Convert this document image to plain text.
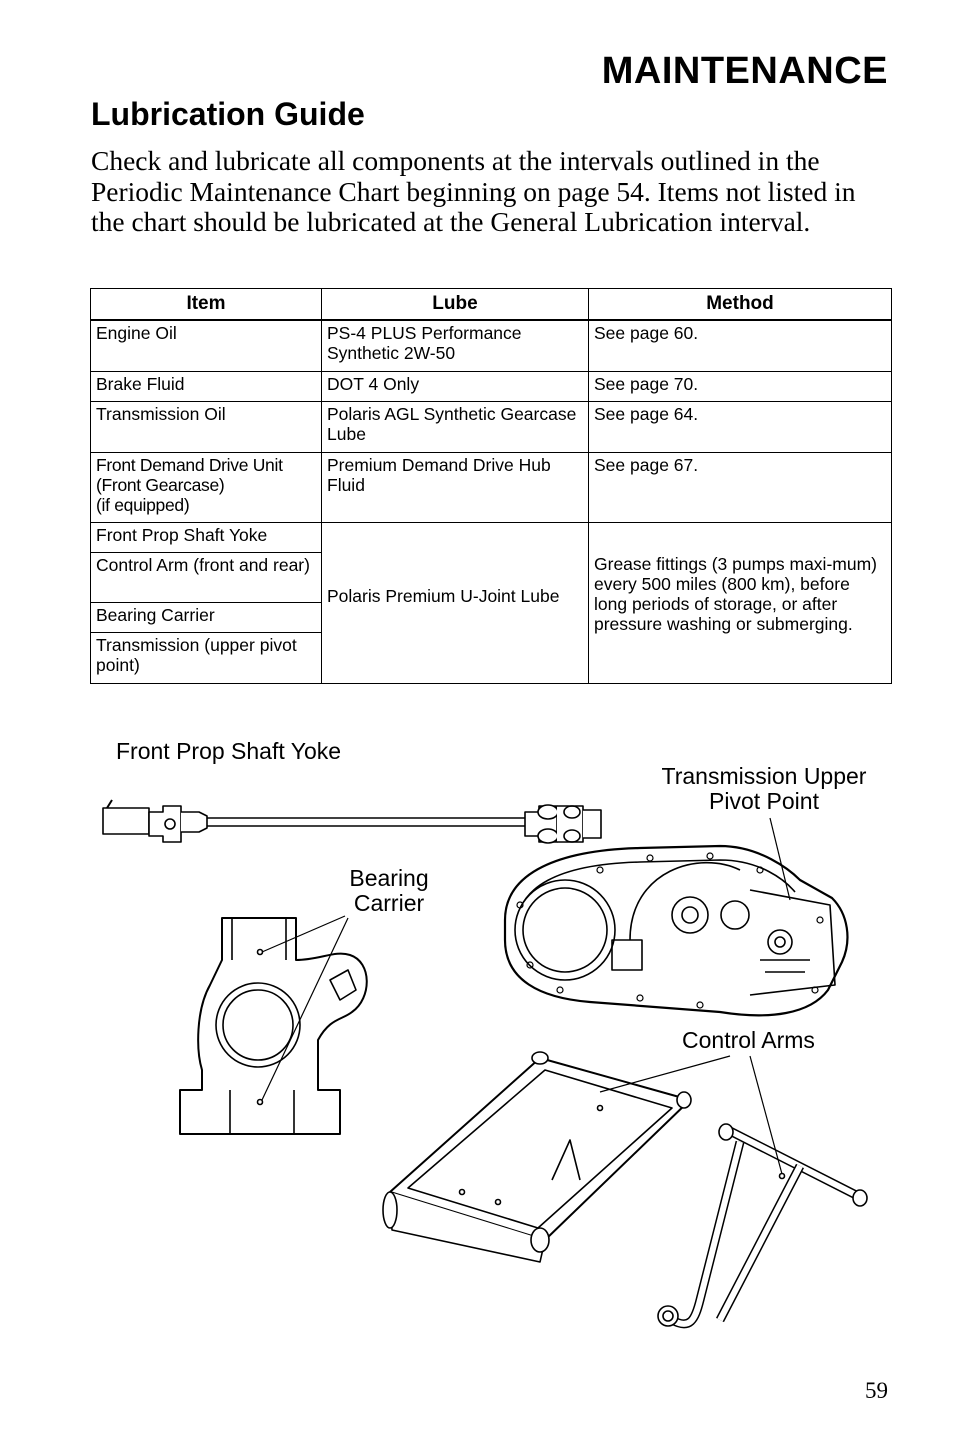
MAINTENANCE
Lubrication Guide

Check and lubricate all components at the intervals outlined in the Periodic Maintenance Chart beginning on page 54. Items not listed in the chart should be lubricated at the General Lubrication interval.

Item	Lube	Method
Engine Oil	PS-4 PLUS Performance Synthetic 2W-50	See page 60.
Brake Fluid	DOT 4 Only	See page 70.
Transmission Oil	Polaris AGL Synthetic Gearcase Lube	See page 64.
Front Demand Drive Unit
(Front Gearcase)
(if equipped)	Premium Demand Drive Hub Fluid	See page 67.
Front Prop Shaft Yoke	Polaris Premium U-Joint Lube	Grease fittings (3 pumps maxi-mum) every 500 miles (800 km), before long periods of storage, or after pressure washing or submerging.
Control Arm (front and rear)		
Bearing Carrier		
Transmission (upper pivot point)		
Front Prop Shaft Yoke
Transmission Upper
Pivot Point
Bearing
Carrier
Control Arms

59
